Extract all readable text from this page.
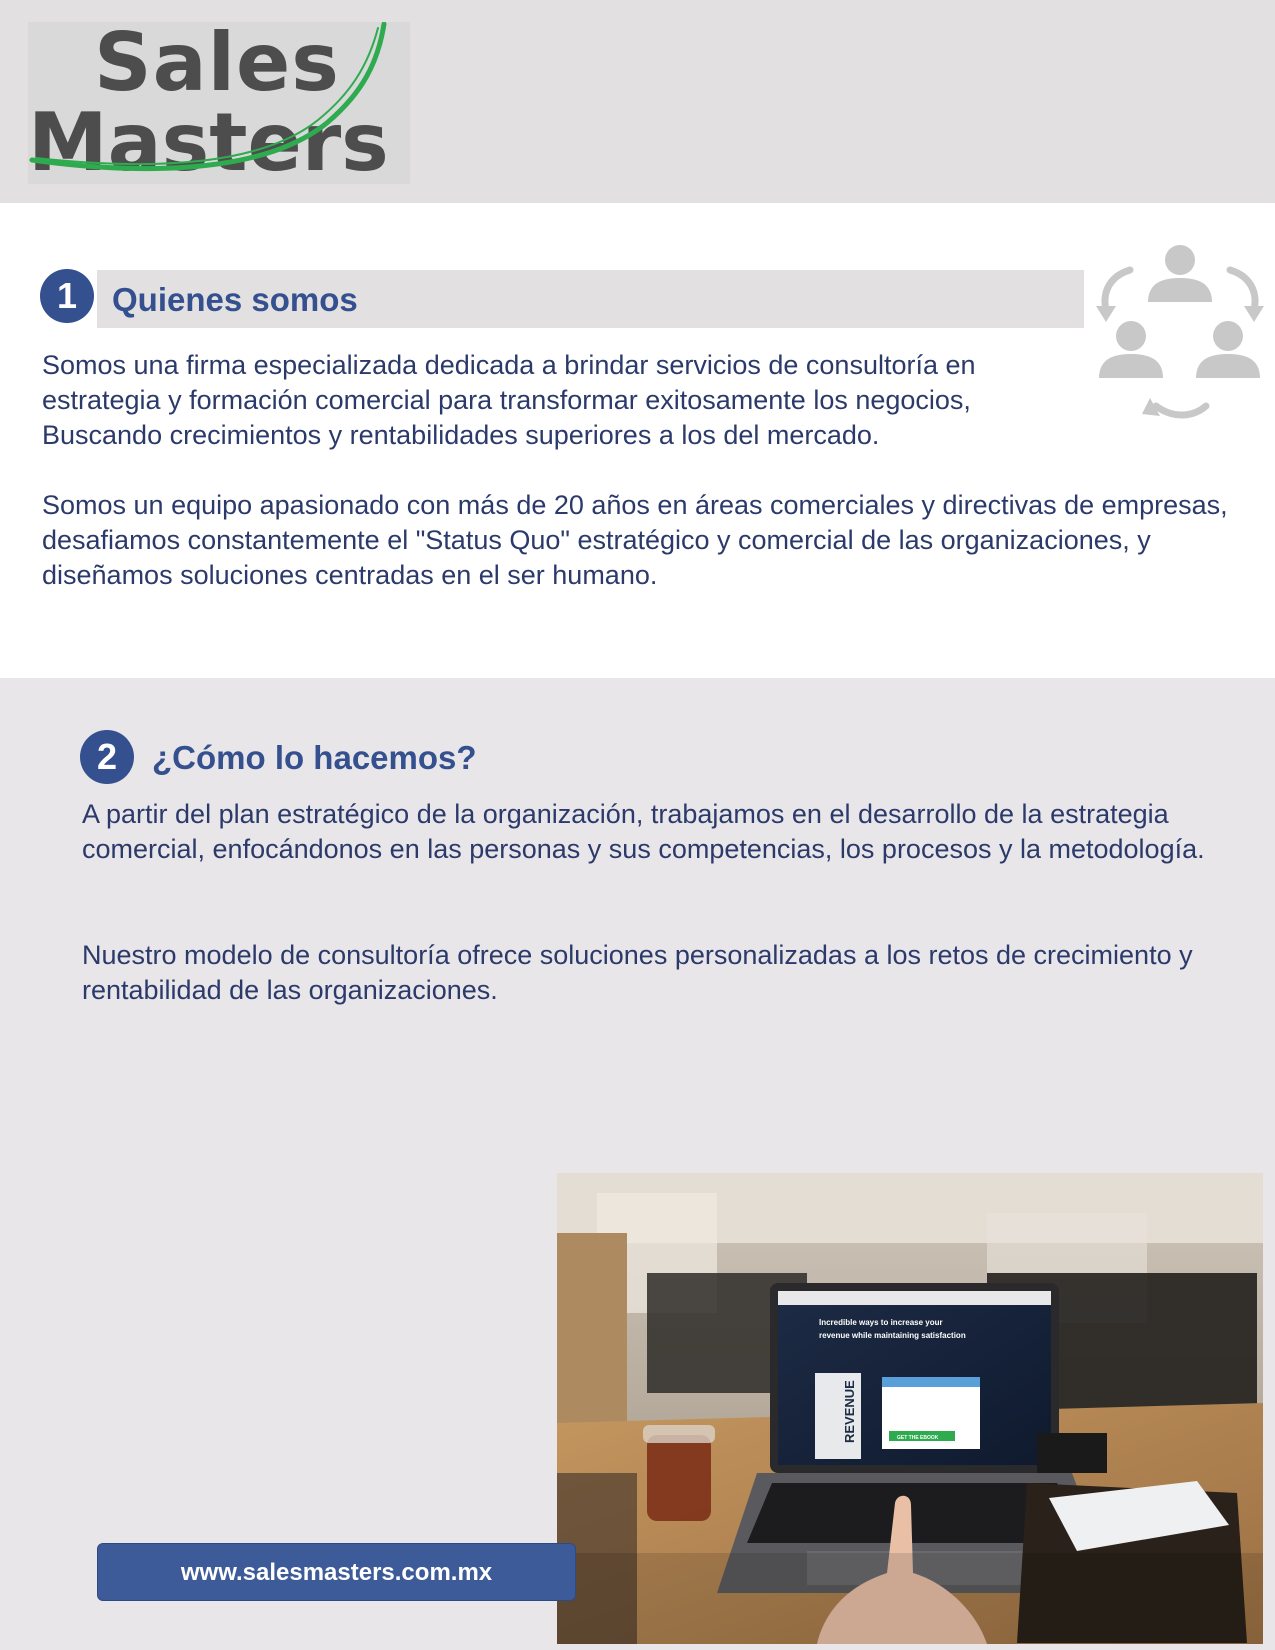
Sales
Masters
1	Quienes somos
Somos una firma especializada dedicada a brindar servicios de consultoría en estrategia y formación comercial para transformar exitosamente los negocios, Buscando crecimientos y rentabilidades superiores a los del mercado.
Somos un equipo apasionado con más de 20 años en áreas comerciales y directivas de empresas, desafiamos constantemente el "Status Quo" estratégico y comercial de las organizaciones, y diseñamos soluciones centradas en el ser humano.
2	¿Cómo lo hacemos?
A partir del plan estratégico de la organización, trabajamos en el desarrollo de la estrategia comercial, enfocándonos en las personas y sus competencias, los procesos y la metodología.
Nuestro modelo de consultoría ofrece soluciones personalizadas a los retos de crecimiento y rentabilidad de las organizaciones.
Incredible ways to increase your
revenue while maintaining satisfaction
REVENUE	GET THE EBOOK
www.salesmasters.com.mx
